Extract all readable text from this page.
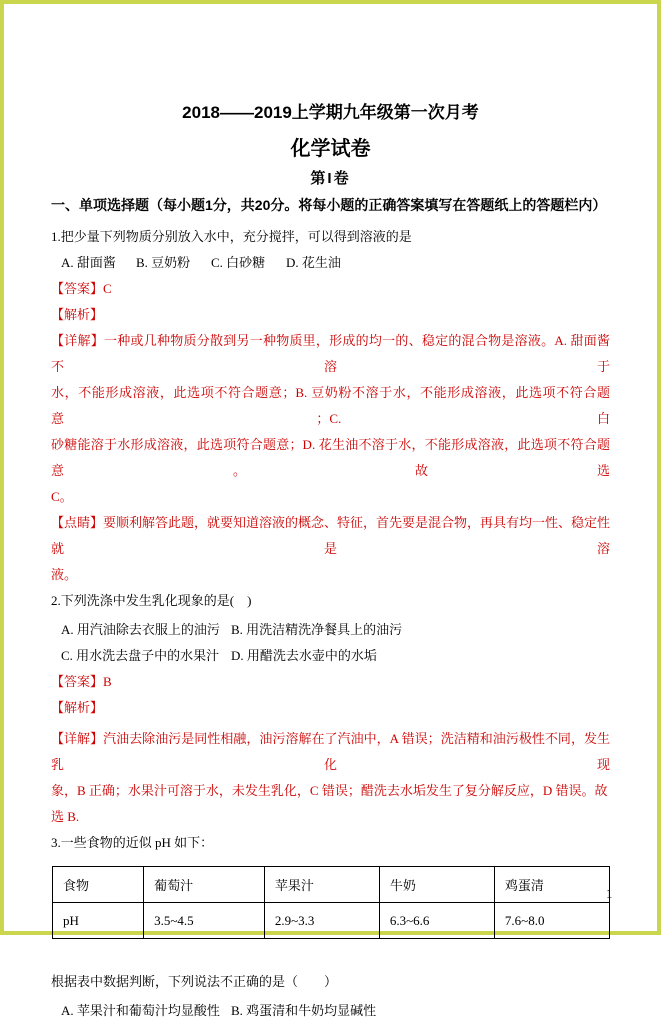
2018——2019上学期九年级第一次月考
化学试卷
第I卷
一、单项选择题（每小题1分，共20分。将每小题的正确答案填写在答题纸上的答题栏内）
1.把少量下列物质分别放入水中，充分搅拌，可以得到溶液的是
A. 甜面酱 B. 豆奶粉 C. 白砂糖 D. 花生油
【答案】C
【解析】
【详解】一种或几种物质分散到另一种物质里，形成的均一的、稳定的混合物是溶液。A. 甜面酱不溶于
水，不能形成溶液，此选项不符合题意；B. 豆奶粉不溶于水，不能形成溶液，此选项不符合题意；C. 白
砂糖能溶于水形成溶液，此选项符合题意；D. 花生油不溶于水，不能形成溶液，此选项不符合题意。故选
C。
【点睛】要顺利解答此题，就要知道溶液的概念、特征，首先要是混合物，再具有均一性、稳定性就是溶
液。
2.下列洗涤中发生乳化现象的是(　)
A. 用汽油除去衣服上的油污 B. 用洗洁精洗净餐具上的油污
C. 用水洗去盘子中的水果汁 D. 用醋洗去水壶中的水垢
【答案】B
【解析】
【详解】汽油去除油污是同性相融，油污溶解在了汽油中，A 错误；洗洁精和油污极性不同，发生乳化现
象，B 正确；水果汁可溶于水，未发生乳化，C 错误；醋洗去水垢发生了复分解反应，D 错误。故选 B.
3.一些食物的近似 pH 如下：
食物	葡萄汁	苹果汁	牛奶	鸡蛋清
pH	3.5~4.5	2.9~3.3	6.3~6.6	7.6~8.0
根据表中数据判断，下列说法不正确的是（　　）
A. 苹果汁和葡萄汁均显酸性 B. 鸡蛋清和牛奶均显碱性
1
